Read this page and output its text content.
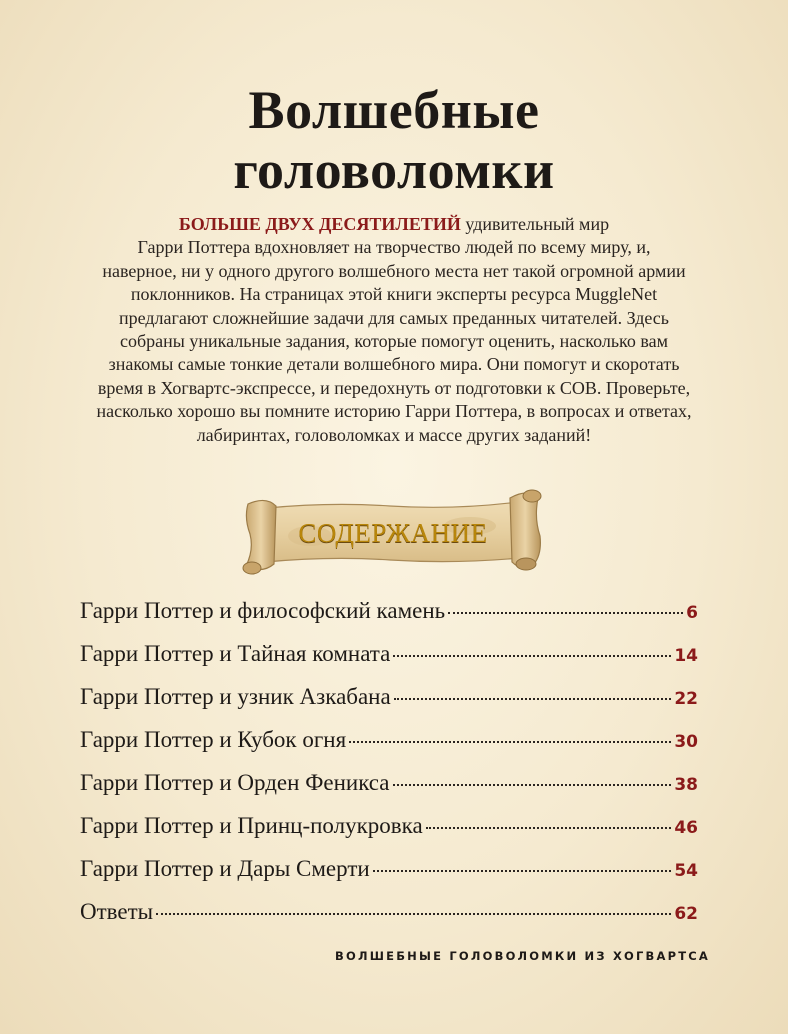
Волшебные
головоломки
БОЛЬШЕ ДВУХ ДЕСЯТИЛЕТИЙ удивительный мир
Гарри Поттера вдохновляет на творчество людей по всему миру, и,
наверное, ни у одного другого волшебного места нет такой огромной армии
поклонников. На страницах этой книги эксперты ресурса MuggleNet
предлагают сложнейшие задачи для самых преданных читателей. Здесь
собраны уникальные задания, которые помогут оценить, насколько вам
знакомы самые тонкие детали волшебного мира. Они помогут и скоротать
время в Хогвартс-экспрессе, и передохнуть от подготовки к СОВ. Проверьте,
насколько хорошо вы помните историю Гарри Поттера, в вопросах и ответах,
лабиринтах, головоломках и массе других заданий!
СОДЕРЖАНИЕ
Гарри Поттер и философский камень	6
Гарри Поттер и Тайная комната	14
Гарри Поттер и узник Азкабана	22
Гарри Поттер и Кубок огня	30
Гарри Поттер и Орден Феникса	38
Гарри Поттер и Принц-полукровка	46
Гарри Поттер и Дары Смерти	54
Ответы	62
ВОЛШЕБНЫЕ ГОЛОВОЛОМКИ ИЗ ХОГВАРТСА
